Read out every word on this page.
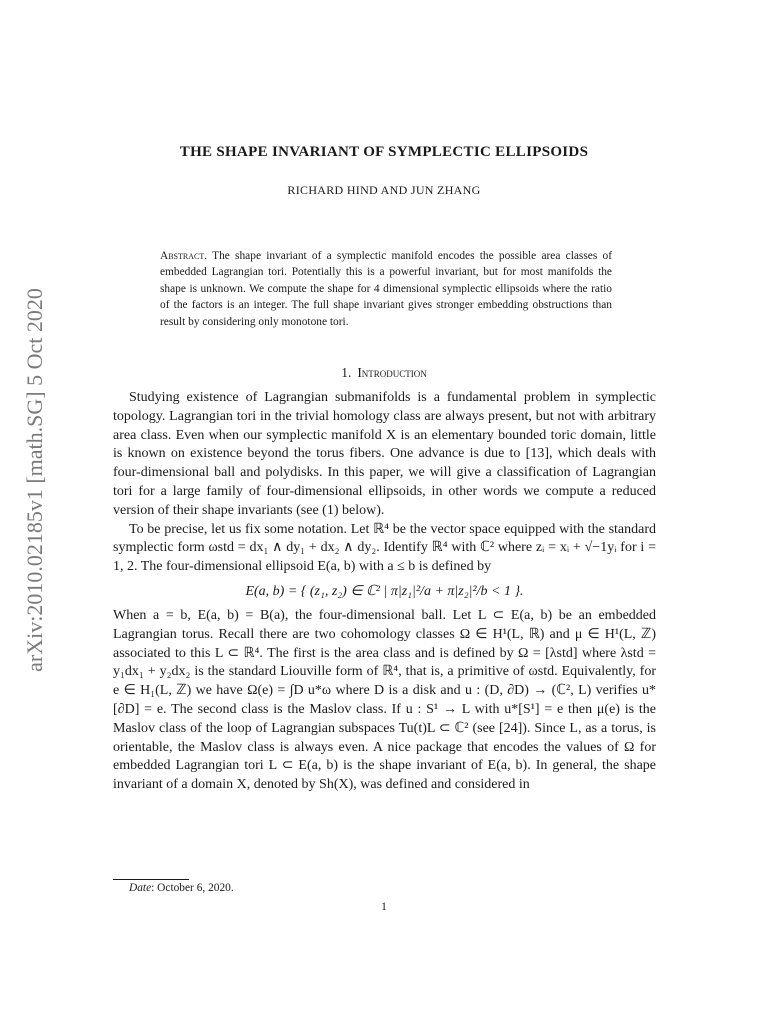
arXiv:2010.02185v1 [math.SG] 5 Oct 2020
THE SHAPE INVARIANT OF SYMPLECTIC ELLIPSOIDS
RICHARD HIND AND JUN ZHANG
Abstract. The shape invariant of a symplectic manifold encodes the possible area classes of embedded Lagrangian tori. Potentially this is a powerful invariant, but for most manifolds the shape is unknown. We compute the shape for 4 dimensional symplectic ellipsoids where the ratio of the factors is an integer. The full shape invariant gives stronger embedding obstructions than result by considering only monotone tori.
1. Introduction

Studying existence of Lagrangian submanifolds is a fundamental problem in symplectic topology. Lagrangian tori in the trivial homology class are always present, but not with arbitrary area class. Even when our symplectic manifold X is an elementary bounded toric domain, little is known on existence beyond the torus fibers. One advance is due to [13], which deals with four-dimensional ball and polydisks. In this paper, we will give a classification of Lagrangian tori for a large family of four-dimensional ellipsoids, in other words we compute a reduced version of their shape invariants (see (1) below).

To be precise, let us fix some notation. Let ℝ⁴ be the vector space equipped with the standard symplectic form ωstd = dx₁ ∧ dy₁ + dx₂ ∧ dy₂. Identify ℝ⁴ with ℂ² where zᵢ = xᵢ + √−1yᵢ for i = 1, 2. The four-dimensional ellipsoid E(a, b) with a ≤ b is defined by

E(a, b) = { (z₁, z₂) ∈ ℂ² | π|z₁|²/a + π|z₂|²/b < 1 }.

When a = b, E(a, b) = B(a), the four-dimensional ball. Let L ⊂ E(a, b) be an embedded Lagrangian torus. Recall there are two cohomology classes Ω ∈ H¹(L, ℝ) and μ ∈ H¹(L, ℤ) associated to this L ⊂ ℝ⁴. The first is the area class and is defined by Ω = [λstd] where λstd = y₁dx₁ + y₂dx₂ is the standard Liouville form of ℝ⁴, that is, a primitive of ωstd. Equivalently, for e ∈ H₁(L, ℤ) we have Ω(e) = ∫D u*ω where D is a disk and u : (D, ∂D) → (ℂ², L) verifies u*[∂D] = e. The second class is the Maslov class. If u : S¹ → L with u*[S¹] = e then μ(e) is the Maslov class of the loop of Lagrangian subspaces Tu(t)L ⊂ ℂ² (see [24]). Since L, as a torus, is orientable, the Maslov class is always even. A nice package that encodes the values of Ω for embedded Lagrangian tori L ⊂ E(a, b) is the shape invariant of E(a, b). In general, the shape invariant of a domain X, denoted by Sh(X), was defined and considered in

Date: October 6, 2020.
1
